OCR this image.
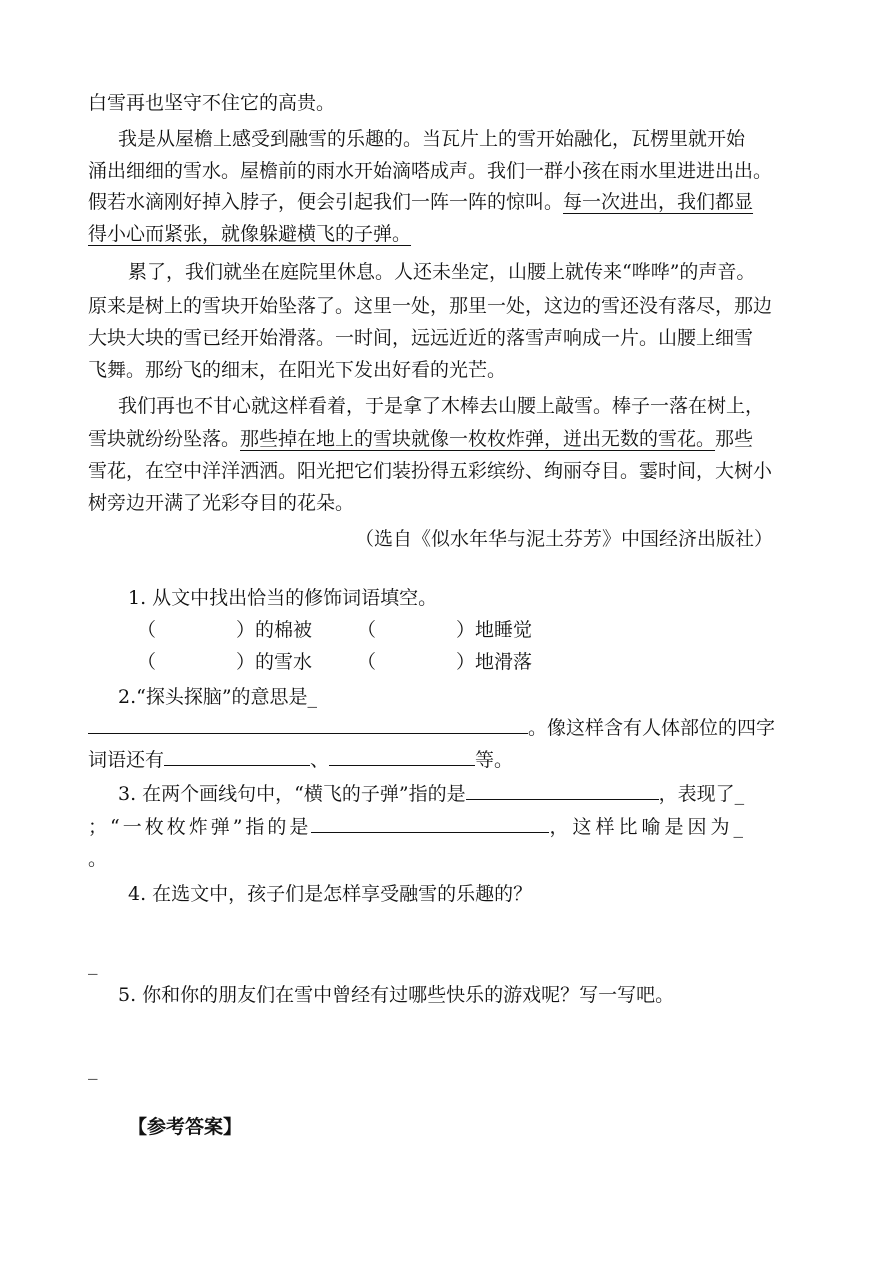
白雪再也坚守不住它的高贵。
我是从屋檐上感受到融雪的乐趣的。当瓦片上的雪开始融化，瓦楞里就开始
涌出细细的雪水。屋檐前的雨水开始滴嗒成声。我们一群小孩在雨水里进进出出。
假若水滴刚好掉入脖子，便会引起我们一阵一阵的惊叫。每一次进出，我们都显
得小心而紧张，就像躲避横飞的子弹。
累了，我们就坐在庭院里休息。人还未坐定，山腰上就传来“哗哗”的声音。
原来是树上的雪块开始坠落了。这里一处，那里一处，这边的雪还没有落尽，那边
大块大块的雪已经开始滑落。一时间，远远近近的落雪声响成一片。山腰上细雪
飞舞。那纷飞的细末，在阳光下发出好看的光芒。
我们再也不甘心就这样看着，于是拿了木棒去山腰上敲雪。棒子一落在树上，
雪块就纷纷坠落。那些掉在地上的雪块就像一枚枚炸弹，迸出无数的雪花。那些
雪花，在空中洋洋洒洒。阳光把它们装扮得五彩缤纷、绚丽夺目。霎时间，大树小
树旁边开满了光彩夺目的花朵。
（选自《似水年华与泥土芬芳》中国经济出版社）
1. 从文中找出恰当的修饰词语填空。
（	）的棉被 （	）地睡觉
（	）的雪水 （	）地滑落
2.“探头探脑”的意思是_
。像这样含有人体部位的四字
词语还有	、	等。
3. 在两个画线句中，“横飞的子弹”指的是	，表现了_
；“一枚枚炸弹”指的是	，这样比喻是因为_
。
4. 在选文中，孩子们是怎样享受融雪的乐趣的？
_
5. 你和你的朋友们在雪中曾经有过哪些快乐的游戏呢？写一写吧。
_
【参考答案】
